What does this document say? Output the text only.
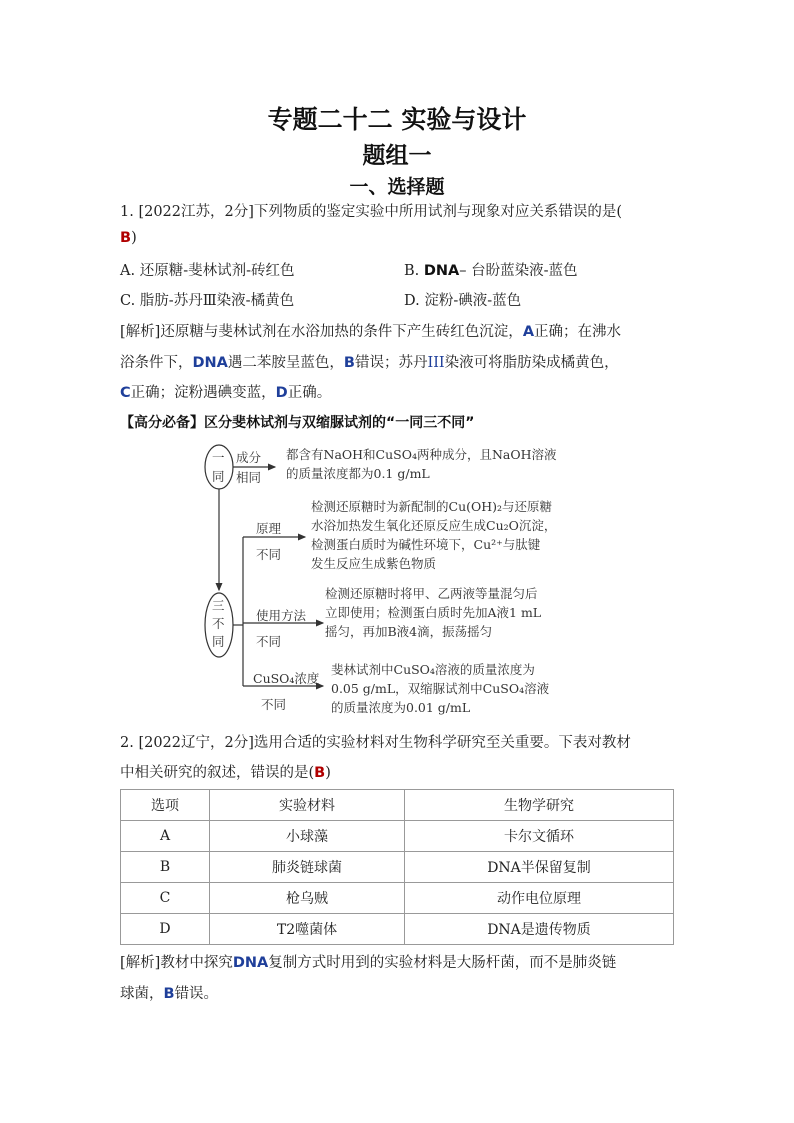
专题二十二 实验与设计
题组一
一、选择题
1. [2022江苏，2分]下列物质的鉴定实验中所用试剂与现象对应关系错误的是(
B)
A. 还原糖-斐林试剂-砖红色	B. DNA– 台盼蓝染液-蓝色
C. 脂肪-苏丹Ⅲ染液-橘黄色	D. 淀粉-碘液-蓝色
[解析]还原糖与斐林试剂在水浴加热的条件下产生砖红色沉淀，A正确；在沸水
浴条件下，DNA遇二苯胺呈蓝色，B错误；苏丹III染液可将脂肪染成橘黄色，
C正确；淀粉遇碘变蓝，D正确。
【高分必备】区分斐林试剂与双缩脲试剂的“一同三不同”
一
同
三
不
同
成分
相同
都含有NaOH和CuSO₄两种成分，且NaOH溶液
的质量浓度都为0.1 g/mL
原理
不同
检测还原糖时为新配制的Cu(OH)₂与还原糖
水浴加热发生氧化还原反应生成Cu₂O沉淀，
检测蛋白质时为碱性环境下，Cu²⁺与肽键
发生反应生成紫色物质
使用方法
不同
检测还原糖时将甲、乙两液等量混匀后
立即使用；检测蛋白质时先加A液1 mL
摇匀，再加B液4滴，振荡摇匀
CuSO₄浓度
不同
斐林试剂中CuSO₄溶液的质量浓度为
0.05 g/mL，双缩脲试剂中CuSO₄溶液
的质量浓度为0.01 g/mL
2. [2022辽宁，2分]选用合适的实验材料对生物科学研究至关重要。下表对教材
中相关研究的叙述，错误的是(B)
选项	实验材料	生物学研究
A	小球藻	卡尔文循环
B	肺炎链球菌	DNA半保留复制
C	枪乌贼	动作电位原理
D	T2噬菌体	DNA是遗传物质
[解析]教材中探究DNA复制方式时用到的实验材料是大肠杆菌，而不是肺炎链
球菌，B错误。
